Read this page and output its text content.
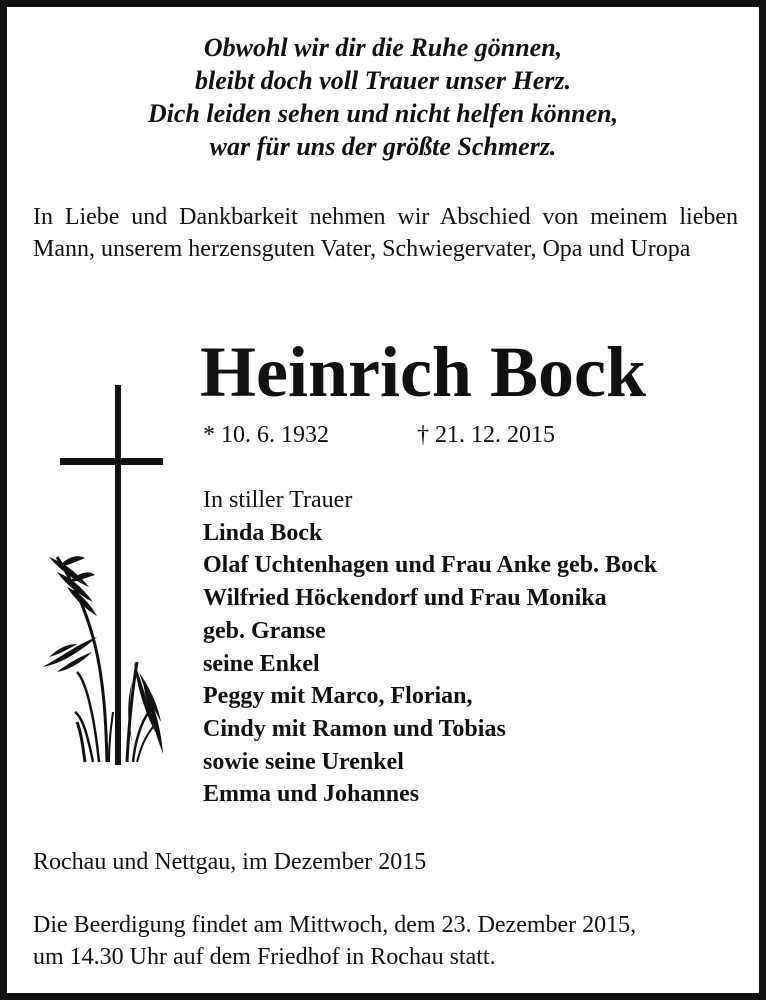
Obwohl wir dir die Ruhe gönnen,
bleibt doch voll Trauer unser Herz.
Dich leiden sehen und nicht helfen können,
war für uns der größte Schmerz.
In Liebe und Dankbarkeit nehmen wir Abschied von meinem lieben Mann, unserem herzensguten Vater, Schwiegervater, Opa und Uropa
Heinrich Bock
* 10. 6. 1932	† 21. 12. 2015
In stiller Trauer
Linda Bock
Olaf Uchtenhagen und Frau Anke geb. Bock
Wilfried Höckendorf und Frau Monika
geb. Granse
seine Enkel
Peggy mit Marco, Florian,
Cindy mit Ramon und Tobias
sowie seine Urenkel
Emma und Johannes
Rochau und Nettgau, im Dezember 2015
Die Beerdigung findet am Mittwoch, dem 23. Dezember 2015,
um 14.30 Uhr auf dem Friedhof in Rochau statt.
